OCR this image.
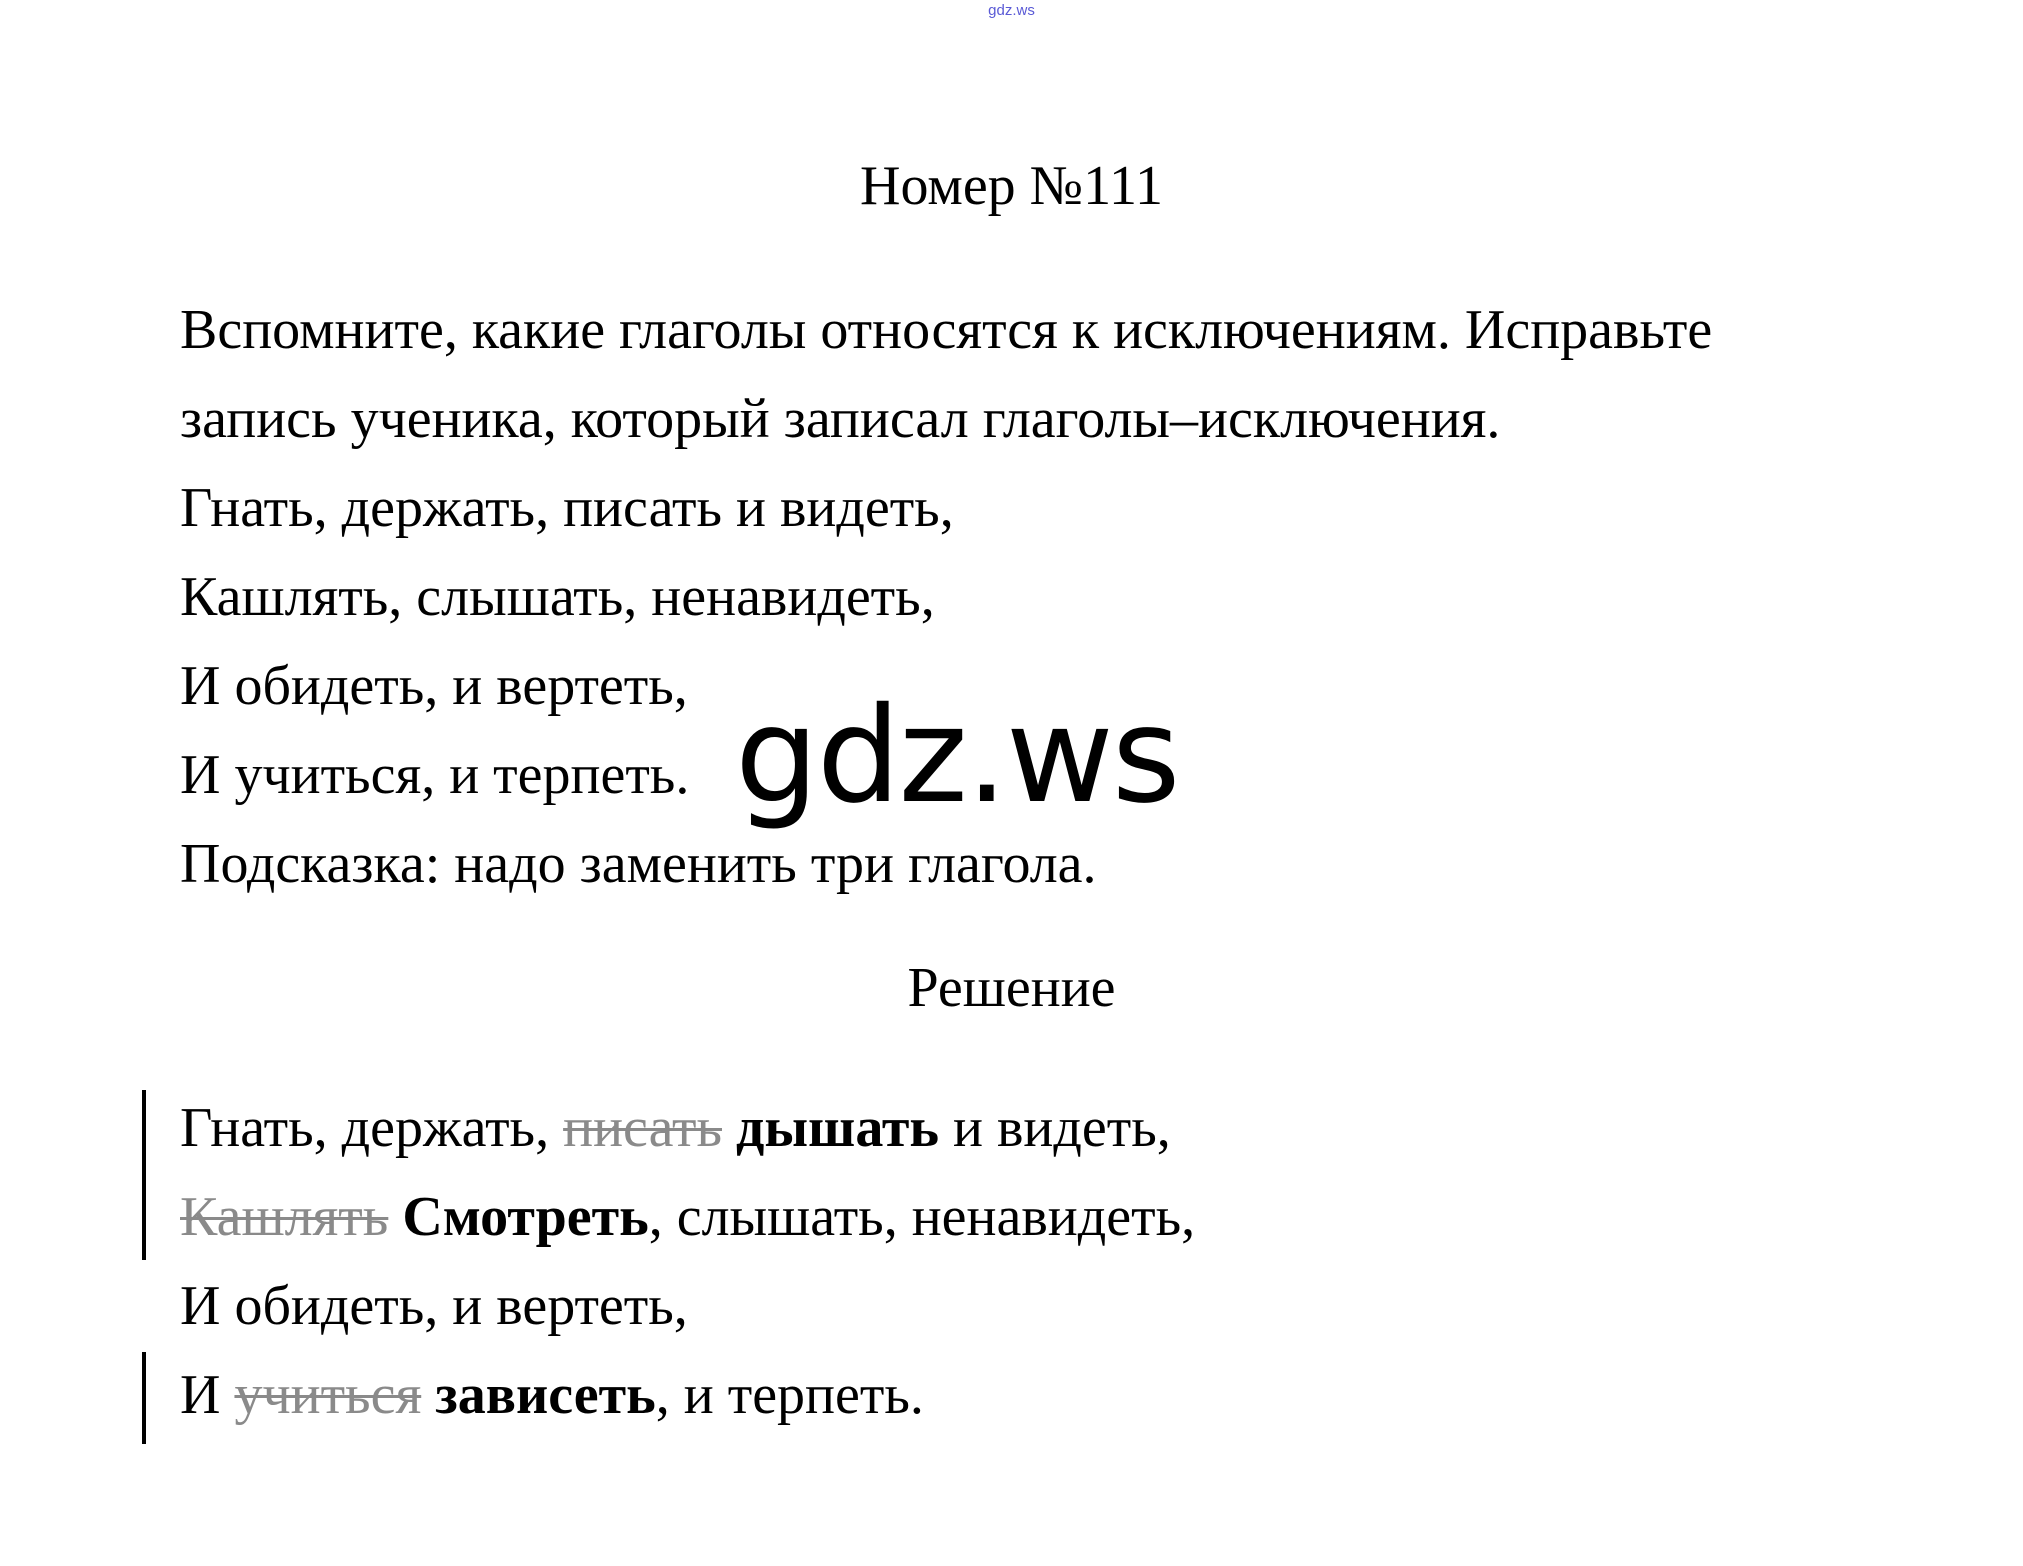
gdz.ws
Номер №111
Вспомните, какие глаголы относятся к исключениям. Исправьте
запись ученика, который записал глаголы–исключения.
Гнать, держать, писать и видеть,
Кашлять, слышать, ненавидеть,
И обидеть, и вертеть,
И учиться, и терпеть.
Подсказка: надо заменить три глагола.
Решение
Гнать, держать, писать дышать и видеть,
Кашлять Смотреть, слышать, ненавидеть,
И обидеть, и вертеть,
И учиться зависеть, и терпеть.
gdz.ws
